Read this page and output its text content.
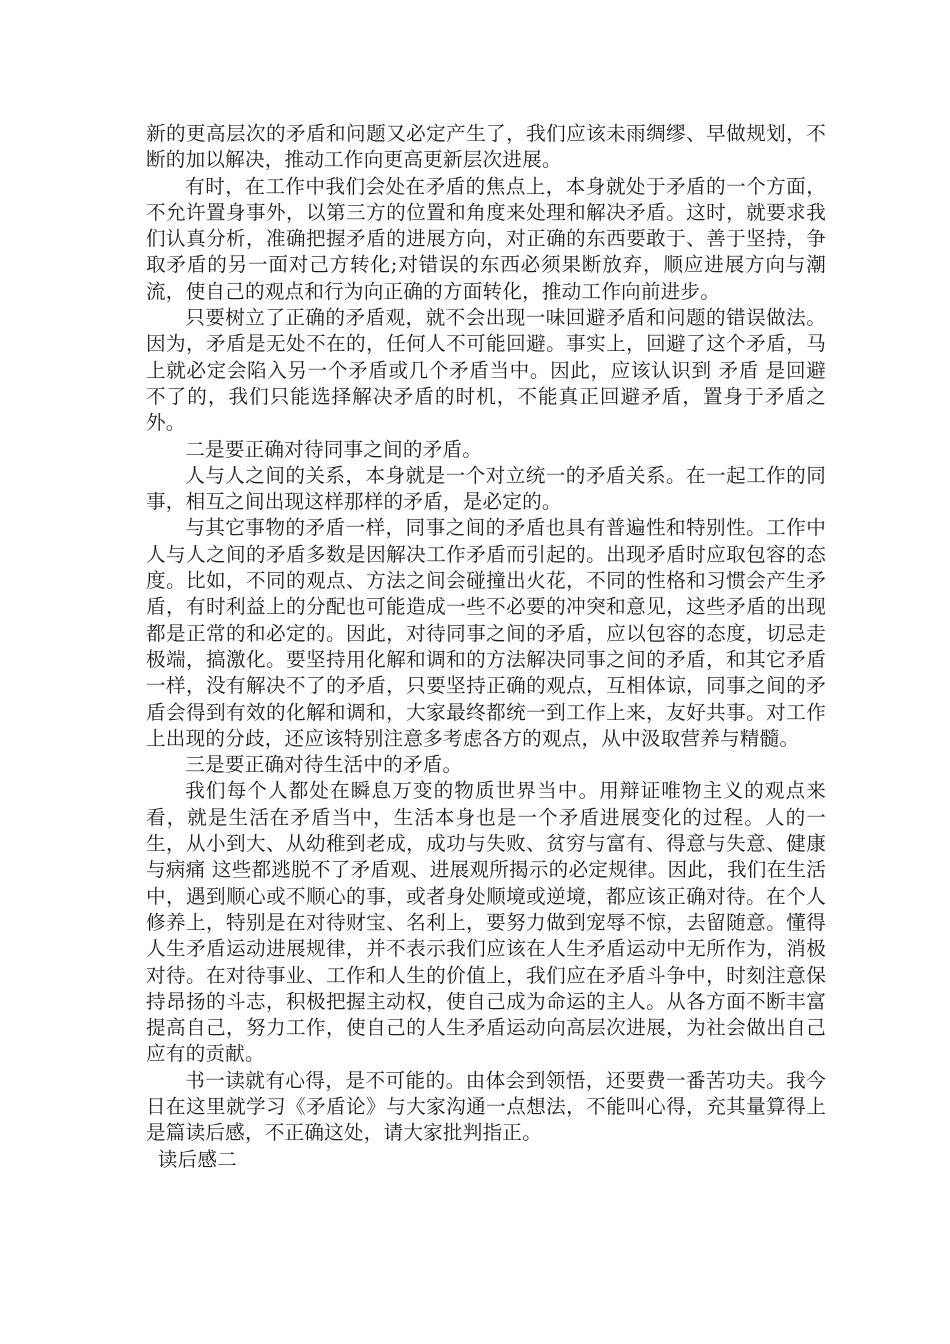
新的更高层次的矛盾和问题又必定产生了，我们应该未雨绸缪、早做规划，不断的加以解决，推动工作向更高更新层次进展。

有时，在工作中我们会处在矛盾的焦点上，本身就处于矛盾的一个方面，不允许置身事外，以第三方的位置和角度来处理和解决矛盾。这时，就要求我们认真分析，准确把握矛盾的进展方向，对正确的东西要敢于、善于坚持，争取矛盾的另一面对己方转化;对错误的东西必须果断放弃，顺应进展方向与潮流，使自己的观点和行为向正确的方面转化，推动工作向前进步。

只要树立了正确的矛盾观，就不会出现一味回避矛盾和问题的错误做法。因为，矛盾是无处不在的，任何人不可能回避。事实上，回避了这个矛盾，马上就必定会陷入另一个矛盾或几个矛盾当中。因此，应该认识到 矛盾 是回避不了的，我们只能选择解决矛盾的时机，不能真正回避矛盾，置身于矛盾之外。

二是要正确对待同事之间的矛盾。

人与人之间的关系，本身就是一个对立统一的矛盾关系。在一起工作的同事，相互之间出现这样那样的矛盾，是必定的。

与其它事物的矛盾一样，同事之间的矛盾也具有普遍性和特别性。工作中人与人之间的矛盾多数是因解决工作矛盾而引起的。出现矛盾时应取包容的态度。比如，不同的观点、方法之间会碰撞出火花，不同的性格和习惯会产生矛盾，有时利益上的分配也可能造成一些不必要的冲突和意见，这些矛盾的出现都是正常的和必定的。因此，对待同事之间的矛盾，应以包容的态度，切忌走极端，搞激化。要坚持用化解和调和的方法解决同事之间的矛盾，和其它矛盾一样，没有解决不了的矛盾，只要坚持正确的观点，互相体谅，同事之间的矛盾会得到有效的化解和调和，大家最终都统一到工作上来，友好共事。对工作上出现的分歧，还应该特别注意多考虑各方的观点，从中汲取营养与精髓。

三是要正确对待生活中的矛盾。

我们每个人都处在瞬息万变的物质世界当中。用辩证唯物主义的观点来看，就是生活在矛盾当中，生活本身也是一个矛盾进展变化的过程。人的一生，从小到大、从幼稚到老成，成功与失败、贫穷与富有、得意与失意、健康与病痛 这些都逃脱不了矛盾观、进展观所揭示的必定规律。因此，我们在生活中，遇到顺心或不顺心的事，或者身处顺境或逆境，都应该正确对待。在个人修养上，特别是在对待财宝、名利上，要努力做到宠辱不惊，去留随意。懂得人生矛盾运动进展规律，并不表示我们应该在人生矛盾运动中无所作为，消极对待。在对待事业、工作和人生的价值上，我们应在矛盾斗争中，时刻注意保持昂扬的斗志，积极把握主动权，使自己成为命运的主人。从各方面不断丰富提高自己，努力工作，使自己的人生矛盾运动向高层次进展，为社会做出自己应有的贡献。

书一读就有心得，是不可能的。由体会到领悟，还要费一番苦功夫。我今日在这里就学习《矛盾论》与大家沟通一点想法，不能叫心得，充其量算得上是篇读后感，不正确这处，请大家批判指正。

读后感二
